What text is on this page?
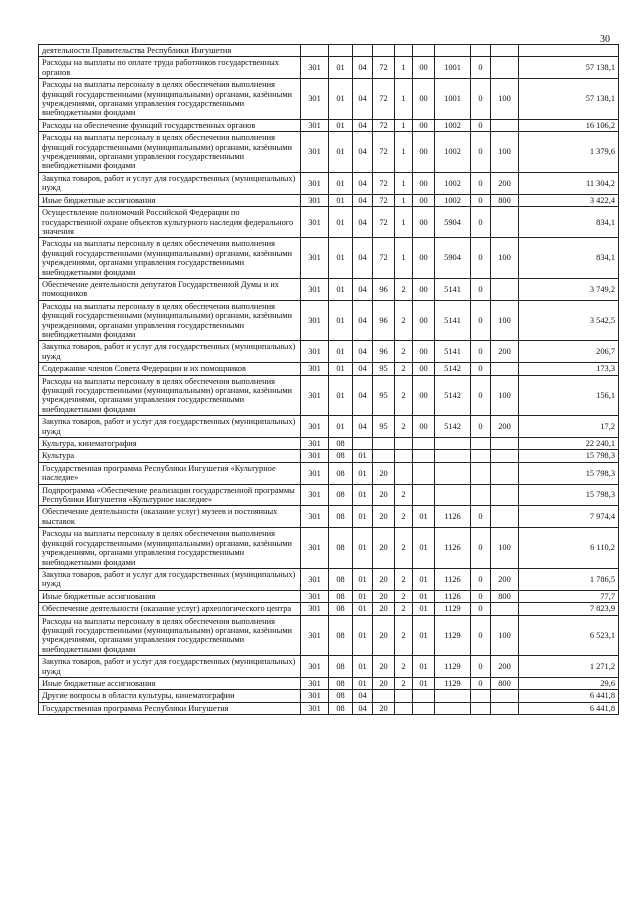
30
деятельности Правительства Республики Ингушетия										
Расходы на выплаты по оплате труда работников государственных органов	301	01	04	72	1	00	1001	0		57 138,1
Расходы на выплаты персоналу в целях обеспечения выполнения функций государственными (муниципальными) органами, казёнными учреждениями, органами управления государственными внебюджетными фондами	301	01	04	72	1	00	1001	0	100	57 138,1
Расходы на обеспечение функций государственных органов	301	01	04	72	1	00	1002	0		16 106,2
Расходы на выплаты персоналу в целях обеспечения выполнения функций государственными (муниципальными) органами, казёнными учреждениями, органами управления государственными внебюджетными фондами	301	01	04	72	1	00	1002	0	100	1 379,6
Закупка товаров, работ и услуг для государственных (муниципальных) нужд	301	01	04	72	1	00	1002	0	200	11 304,2
Иные бюджетные ассигнования	301	01	04	72	1	00	1002	0	800	3 422,4
Осуществление полномочий Российской Федерации по государственной охране объектов культурного наследия федерального значения	301	01	04	72	1	00	5904	0		834,1
Расходы на выплаты персоналу в целях обеспечения выполнения функций государственными (муниципальными) органами, казёнными учреждениями, органами управления государственными внебюджетными фондами	301	01	04	72	1	00	5904	0	100	834,1
Обеспечение деятельности депутатов Государственной Думы и их помощников	301	01	04	96	2	00	5141	0		3 749,2
Расходы на выплаты персоналу в целях обеспечения выполнения функций государственными (муниципальными) органами, казёнными учреждениями, органами управления государственными внебюджетными фондами	301	01	04	96	2	00	5141	0	100	3 542,5
Закупка товаров, работ и услуг для государственных (муниципальных) нужд	301	01	04	96	2	00	5141	0	200	206,7
Содержание членов Совета Федерации и их помощников	301	01	04	95	2	00	5142	0		173,3
Расходы на выплаты персоналу в целях обеспечения выполнения функций государственными (муниципальными) органами, казёнными учреждениями, органами управления государственными внебюджетными фондами	301	01	04	95	2	00	5142	0	100	156,1
Закупка товаров, работ и услуг для государственных (муниципальных) нужд	301	01	04	95	2	00	5142	0	200	17,2
Культура, кинематография	301	08								22 240,1
Культура	301	08	01							15 798,3
Государственная программа Республики Ингушетия «Культурное наследие»	301	08	01	20						15 798,3
Подпрограмма «Обеспечение реализации государственной программы Республики Ингушетия «Культурное наследие»	301	08	01	20	2					15 798,3
Обеспечение деятельности (оказание услуг) музеев и постоянных выставок	301	08	01	20	2	01	1126	0		7 974,4
Расходы на выплаты персоналу в целях обеспечения выполнения функций государственными (муниципальными) органами, казёнными учреждениями, органами управления государственными внебюджетными фондами	301	08	01	20	2	01	1126	0	100	6 110,2
Закупка товаров, работ и услуг для государственных (муниципальных) нужд	301	08	01	20	2	01	1126	0	200	1 786,5
Иные бюджетные ассигнования	301	08	01	20	2	01	1126	0	800	77,7
Обеспечение деятельности (оказание услуг) археологического центра	301	08	01	20	2	01	1129	0		7 823,9
Расходы на выплаты персоналу в целях обеспечения выполнения функций государственными (муниципальными) органами, казёнными учреждениями, органами управления государственными внебюджетными фондами	301	08	01	20	2	01	1129	0	100	6 523,1
Закупка товаров, работ и услуг для государственных (муниципальных) нужд	301	08	01	20	2	01	1129	0	200	1 271,2
Иные бюджетные ассигнования	301	08	01	20	2	01	1129	0	800	29,6
Другие вопросы в области культуры, кинематографии	301	08	04							6 441,8
Государственная программа Республики Ингушетия	301	08	04	20						6 441,8
